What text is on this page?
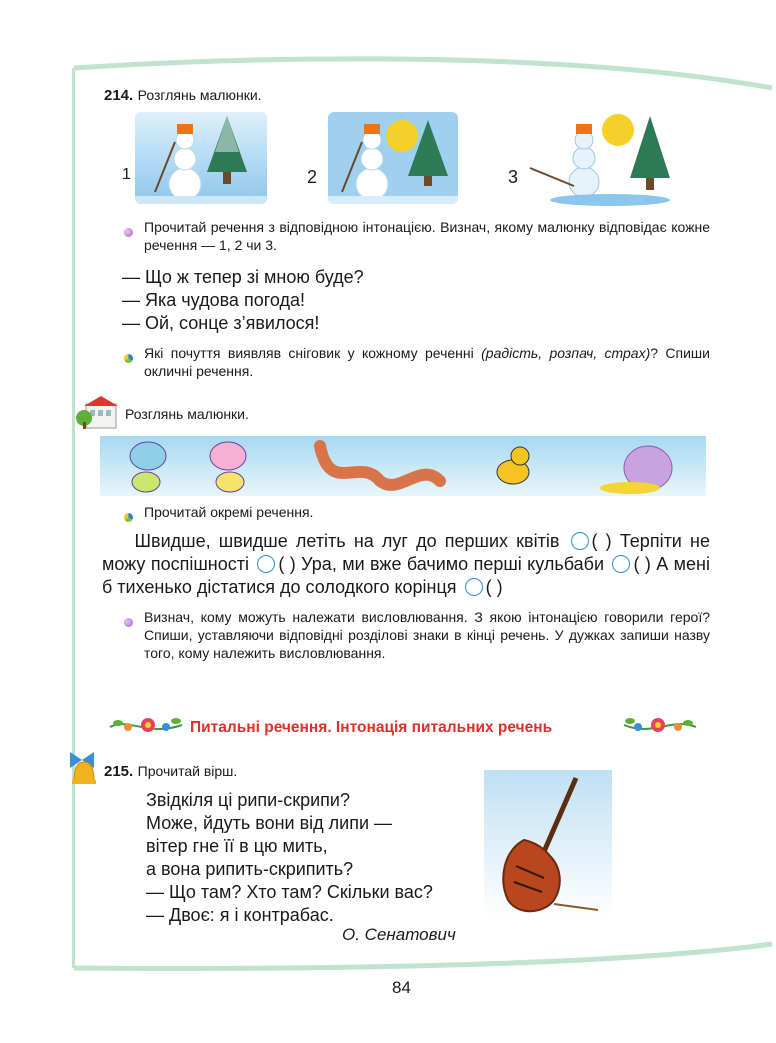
214. Розглянь малюнки.
1	2	3
Прочитай речення з відповідною інтонацією. Визнач, якому малюнку відповідає кожне речення — 1, 2 чи 3.
— Що ж тепер зі мною буде?
— Яка чудова погода!
— Ой, сонце з’явилося!
Які почуття виявляв сніговик у кожному реченні (радість, розпач, страх)? Спиши окличні речення.
Розглянь малюнки.
Прочитай окремі речення.
Швидше, швидше летіть на луг до перших квітів ( ) Терпіти не можу поспішності ( ) Ура, ми вже бачимо перші кульбаби ( ) А мені б тихенько дістатися до солодкого корінця ( )
Визнач, кому можуть належати висловлювання. З якою інтонацією говорили герої? Спиши, уставляючи відповідні розділові знаки в кінці речень. У дужках запиши назву того, кому належить висловлювання.
Питальні речення. Інтонація питальних речень
215. Прочитай вірш.
Звідкіля ці рипи-скрипи?
Може, йдуть вони від липи —
вітер гне її в цю мить,
а вона рипить-скрипить?
— Що там? Хто там? Скільки вас?
— Двоє: я і контрабас.
О. Сенатович
84
